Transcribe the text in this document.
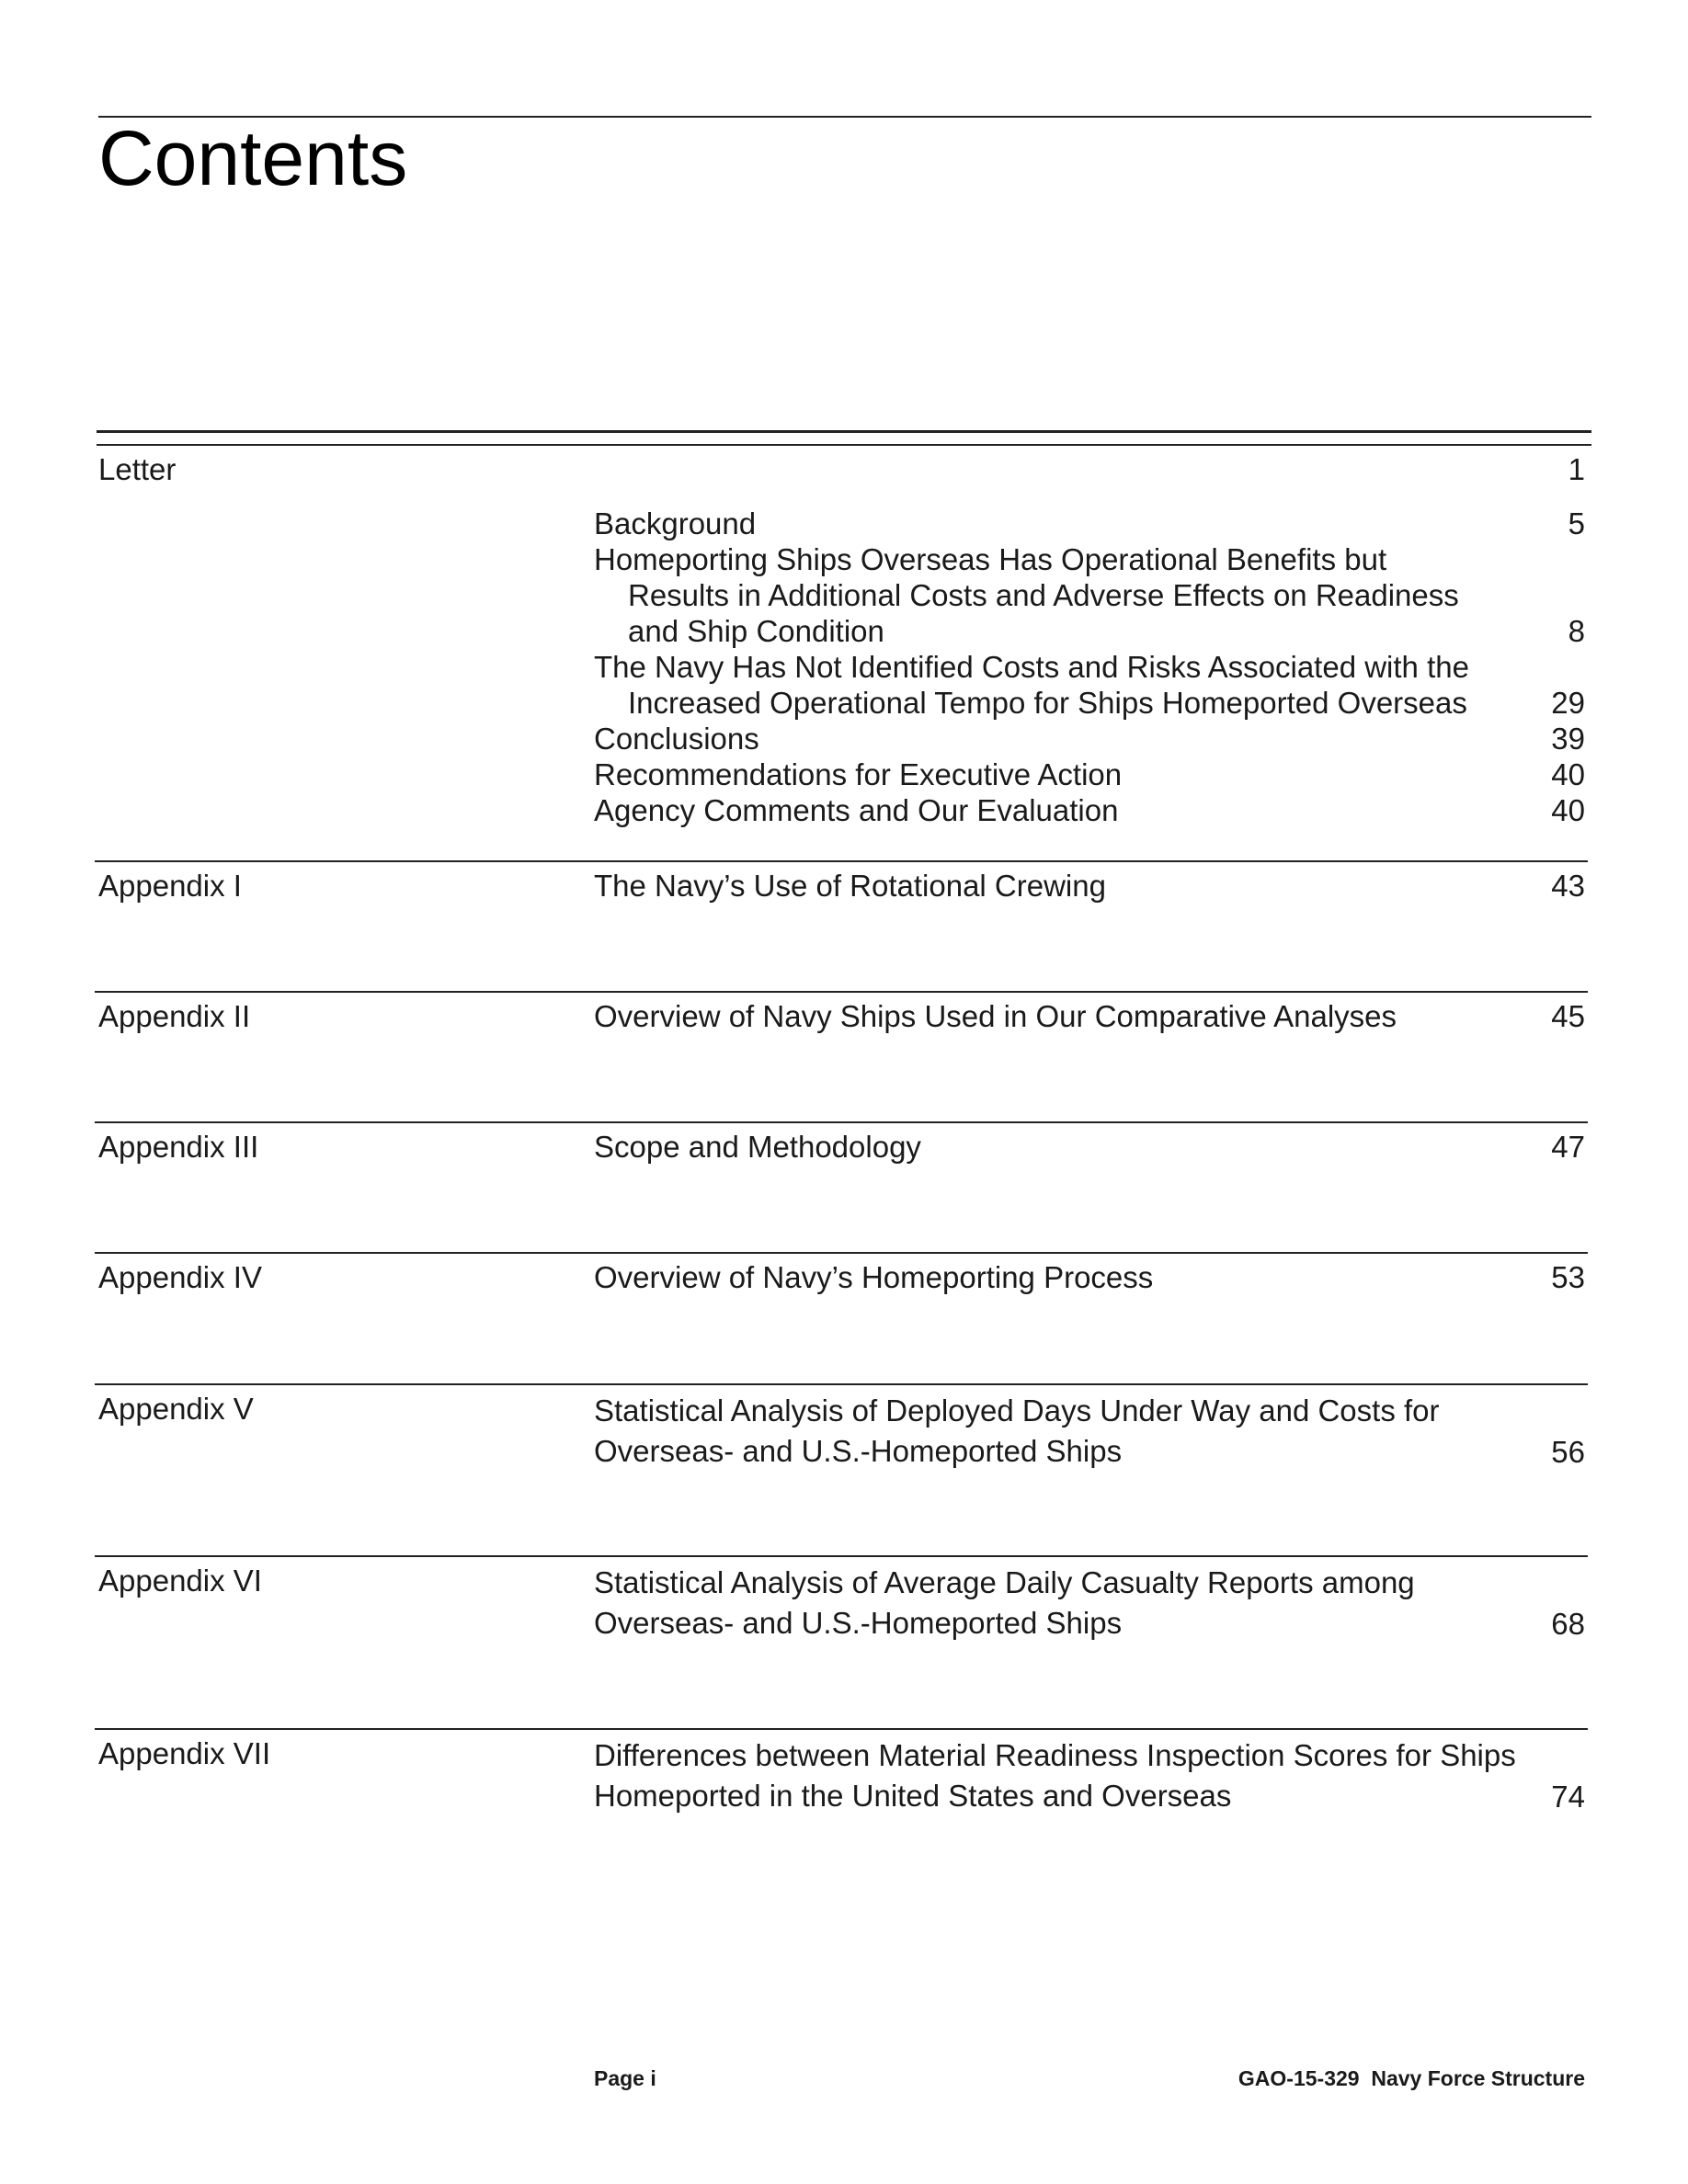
Contents
Letter	1
Background	5
Homeporting Ships Overseas Has Operational Benefits but
Results in Additional Costs and Adverse Effects on Readiness
and Ship Condition	8
The Navy Has Not Identified Costs and Risks Associated with the
Increased Operational Tempo for Ships Homeported Overseas	29
Conclusions	39
Recommendations for Executive Action	40
Agency Comments and Our Evaluation	40
Appendix I	The Navy’s Use of Rotational Crewing	43
Appendix II	Overview of Navy Ships Used in Our Comparative Analyses	45
Appendix III	Scope and Methodology	47
Appendix IV	Overview of Navy’s Homeporting Process	53
Appendix V	Statistical Analysis of Deployed Days Under Way and Costs for
Overseas- and U.S.-Homeported Ships	56
Appendix VI	Statistical Analysis of Average Daily Casualty Reports among
Overseas- and U.S.-Homeported Ships	68
Appendix VII	Differences between Material Readiness Inspection Scores for Ships
Homeported in the United States and Overseas	74
Page i	GAO-15-329  Navy Force Structure
